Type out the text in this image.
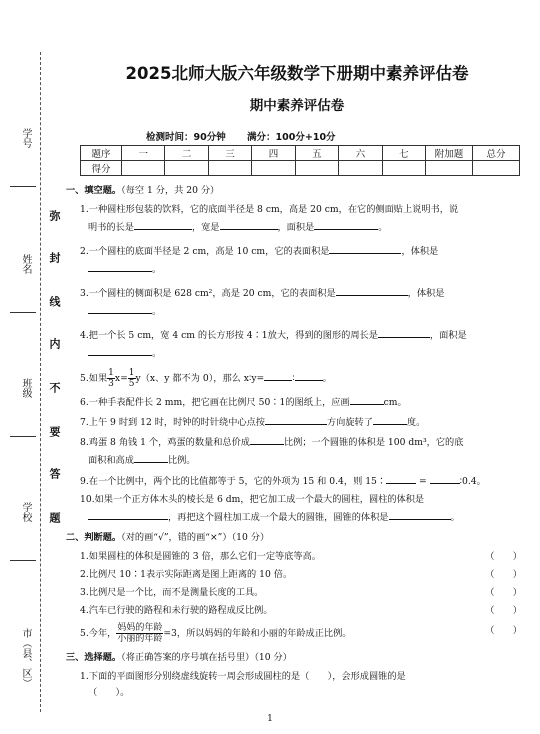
学号
姓名
班级
学校
市（县、区）
弥
封
线
内
不
要
答
题
2025北师大版六年级数学下册期中素养评估卷
期中素养评估卷
检测时间：90分钟 满分：100分+10分
题序	一	二	三	四	五	六	七	附加题	总分
得分									
一、填空题。（每空 1 分，共 20 分）
1.一种圆柱形包装的饮料，它的底面半径是 8 cm，高是 20 cm，在它的侧面贴上说明书，说
明书的长是	，宽是	，面积是	。
2.一个圆柱的底面半径是 2 cm，高是 10 cm，它的表面积是	，体积是
。
3.一个圆柱的侧面积是 628 cm²，高是 20 cm，它的表面积是	，体积是
。
4.把一个长 5 cm，宽 4 cm 的长方形按 4∶1放大，得到的图形的周长是	，面积是
。
5.如果 $\frac{1}{3} x= \frac{1}{5} y(x$、y 都不为 0），那么 x∶y=	∶	。
6.一种手表配件长 2 mm，把它画在比例尺 50∶1的图纸上，应画	cm。
7.上午 9 时到 12 时，时钟的时针绕中心点按	方向旋转了	度。
8.鸡蛋 8 角钱 1 个，鸡蛋的数量和总价成	比例；一个圆锥的体积是 100 dm³，它的底
面积和高成	比例。
9.在一个比例中，两个比的比值都等于 5，它的外项为 15 和 0.4，则 15∶	=	∶0.4。
10.如果一个正方体木头的棱长是 6 dm，把它加工成一个最大的圆柱，圆柱的体积是
，再把这个圆柱加工成一个最大的圆锥，圆锥的体积是	。
二、判断题。（对的画“√”，错的画“×”）（10 分）
1.如果圆柱的体积是圆锥的 3 倍，那么它们一定等底等高。	（　　）
2.比例尺 10∶1表示实际距离是图上距离的 10 倍。	（　　）
3.比例尺是一个比，而不是测量长度的工具。	（　　）
4.汽车已行驶的路程和未行驶的路程成反比例。	（　　）
5.今年， $\frac{\text{妈妈的年龄}}{\text{小丽的年龄}} =3$，所以妈妈的年龄和小丽的年龄成正比例。	（　　）
三、选择题。（将正确答案的序号填在括号里）（10 分）
1.下面的平面图形分别绕虚线旋转一周会形成圆柱的是（　　），会形成圆锥的是
（　　）。
1
